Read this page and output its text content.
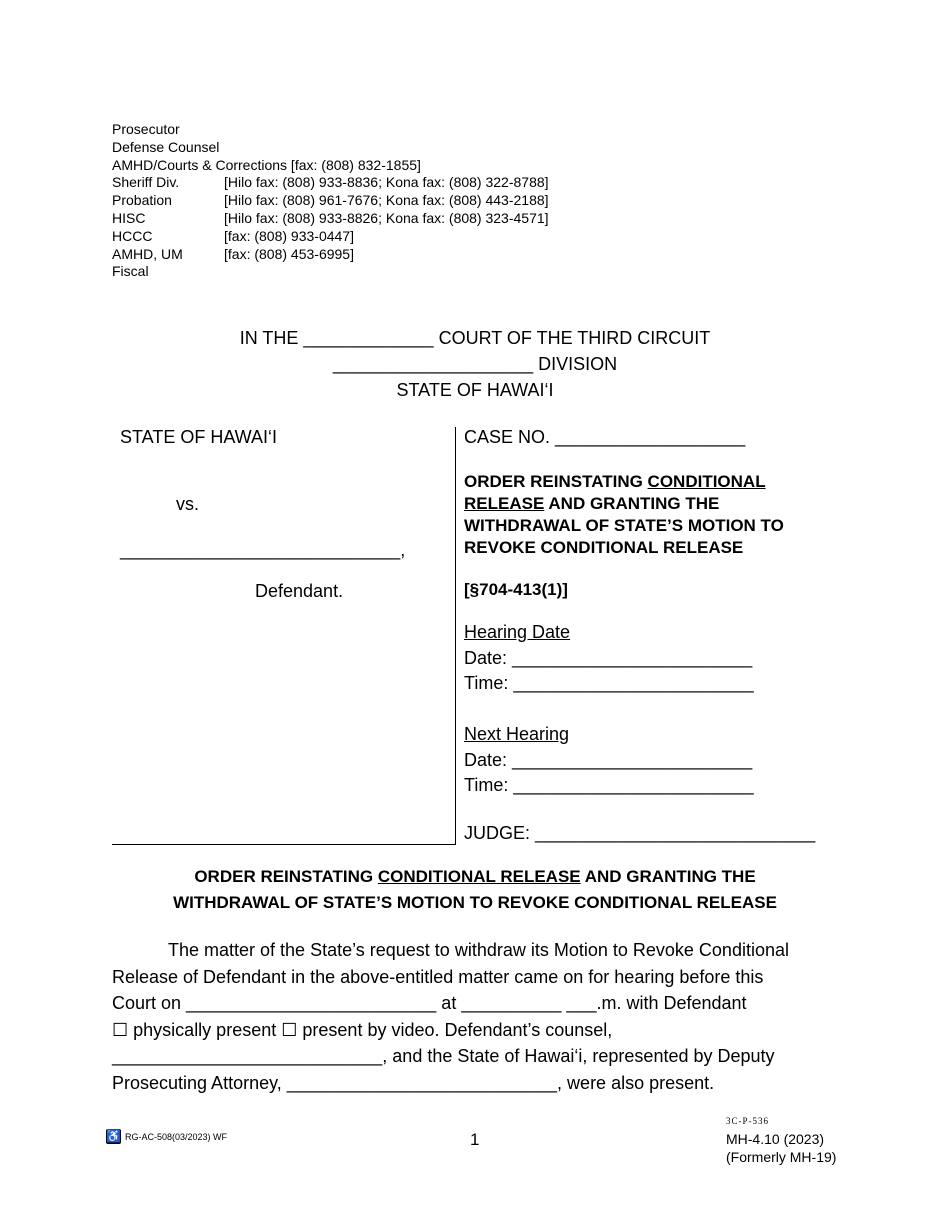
Prosecutor
Defense Counsel
AMHD/Courts & Corrections [fax: (808) 832-1855]
Sheriff Div.	[Hilo fax: (808) 933-8836; Kona fax: (808) 322-8788]
Probation	[Hilo fax: (808) 961-7676; Kona fax: (808) 443-2188]
HISC	[Hilo fax: (808) 933-8826; Kona fax: (808) 323-4571]
HCCC	[fax: (808) 933-0447]
AMHD, UM	[fax: (808) 453-6995]
Fiscal
IN THE _____________ COURT OF THE THIRD CIRCUIT
____________________ DIVISION
STATE OF HAWAI‘I
STATE OF HAWAI‘I
vs.
____________________________,
Defendant.
CASE NO. ___________________
ORDER REINSTATING CONDITIONAL
RELEASE AND GRANTING THE
WITHDRAWAL OF STATE’S MOTION TO
REVOKE CONDITIONAL RELEASE
[§704-413(1)]
Hearing Date
Date: ________________________
Time: ________________________
Next Hearing
Date: ________________________
Time: ________________________
JUDGE: ____________________________
ORDER REINSTATING CONDITIONAL RELEASE AND GRANTING THE
WITHDRAWAL OF STATE’S MOTION TO REVOKE CONDITIONAL RELEASE

The matter of the State’s request to withdraw its Motion to Revoke Conditional

Release of Defendant in the above-entitled matter came on for hearing before this

Court on _________________________ at __________ ___.m. with Defendant

☐ physically present ☐ present by video. Defendant’s counsel,

___________________________, and the State of Hawai‘i, represented by Deputy

Prosecuting Attorney, ___________________________, were also present.

♿ RG-AC-508(03/2023) WF	1
3C-P-536
MH-4.10 (2023)
(Formerly MH-19)
